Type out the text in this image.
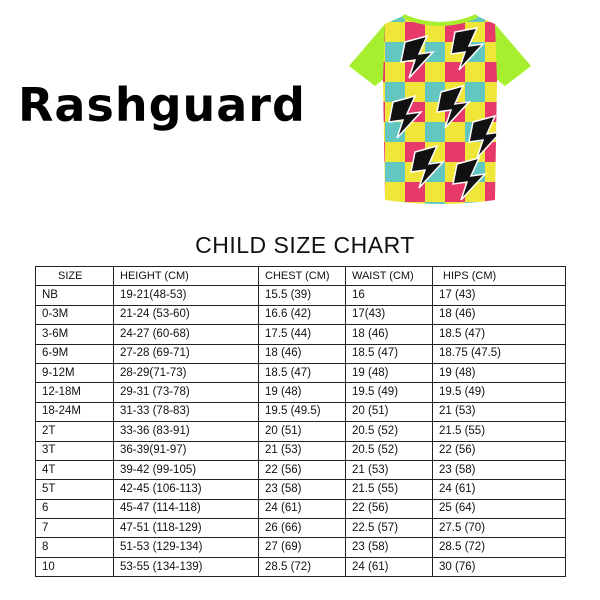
Rashguard
CHILD SIZE CHART
SIZE	HEIGHT (CM)	CHEST (CM)	WAIST (CM)	HIPS (CM)
NB	19-21(48-53)	15.5 (39)	16	17 (43)
0-3M	21-24 (53-60)	16.6 (42)	17(43)	18 (46)
3-6M	24-27 (60-68)	17.5 (44)	18 (46)	18.5 (47)
6-9M	27-28 (69-71)	18 (46)	18.5 (47)	18.75 (47.5)
9-12M	28-29(71-73)	18.5 (47)	19 (48)	19 (48)
12-18M	29-31 (73-78)	19 (48)	19.5 (49)	19.5 (49)
18-24M	31-33 (78-83)	19.5 (49.5)	20 (51)	21 (53)
2T	33-36 (83-91)	20 (51)	20.5 (52)	21.5 (55)
3T	36-39(91-97)	21 (53)	20.5 (52)	22 (56)
4T	39-42 (99-105)	22 (56)	21 (53)	23 (58)
5T	42-45 (106-113)	23 (58)	21.5 (55)	24 (61)
6	45-47 (114-118)	24 (61)	22 (56)	25 (64)
7	47-51 (118-129)	26 (66)	22.5 (57)	27.5 (70)
8	51-53 (129-134)	27 (69)	23 (58)	28.5 (72)
10	53-55 (134-139)	28.5 (72)	24 (61)	30 (76)
